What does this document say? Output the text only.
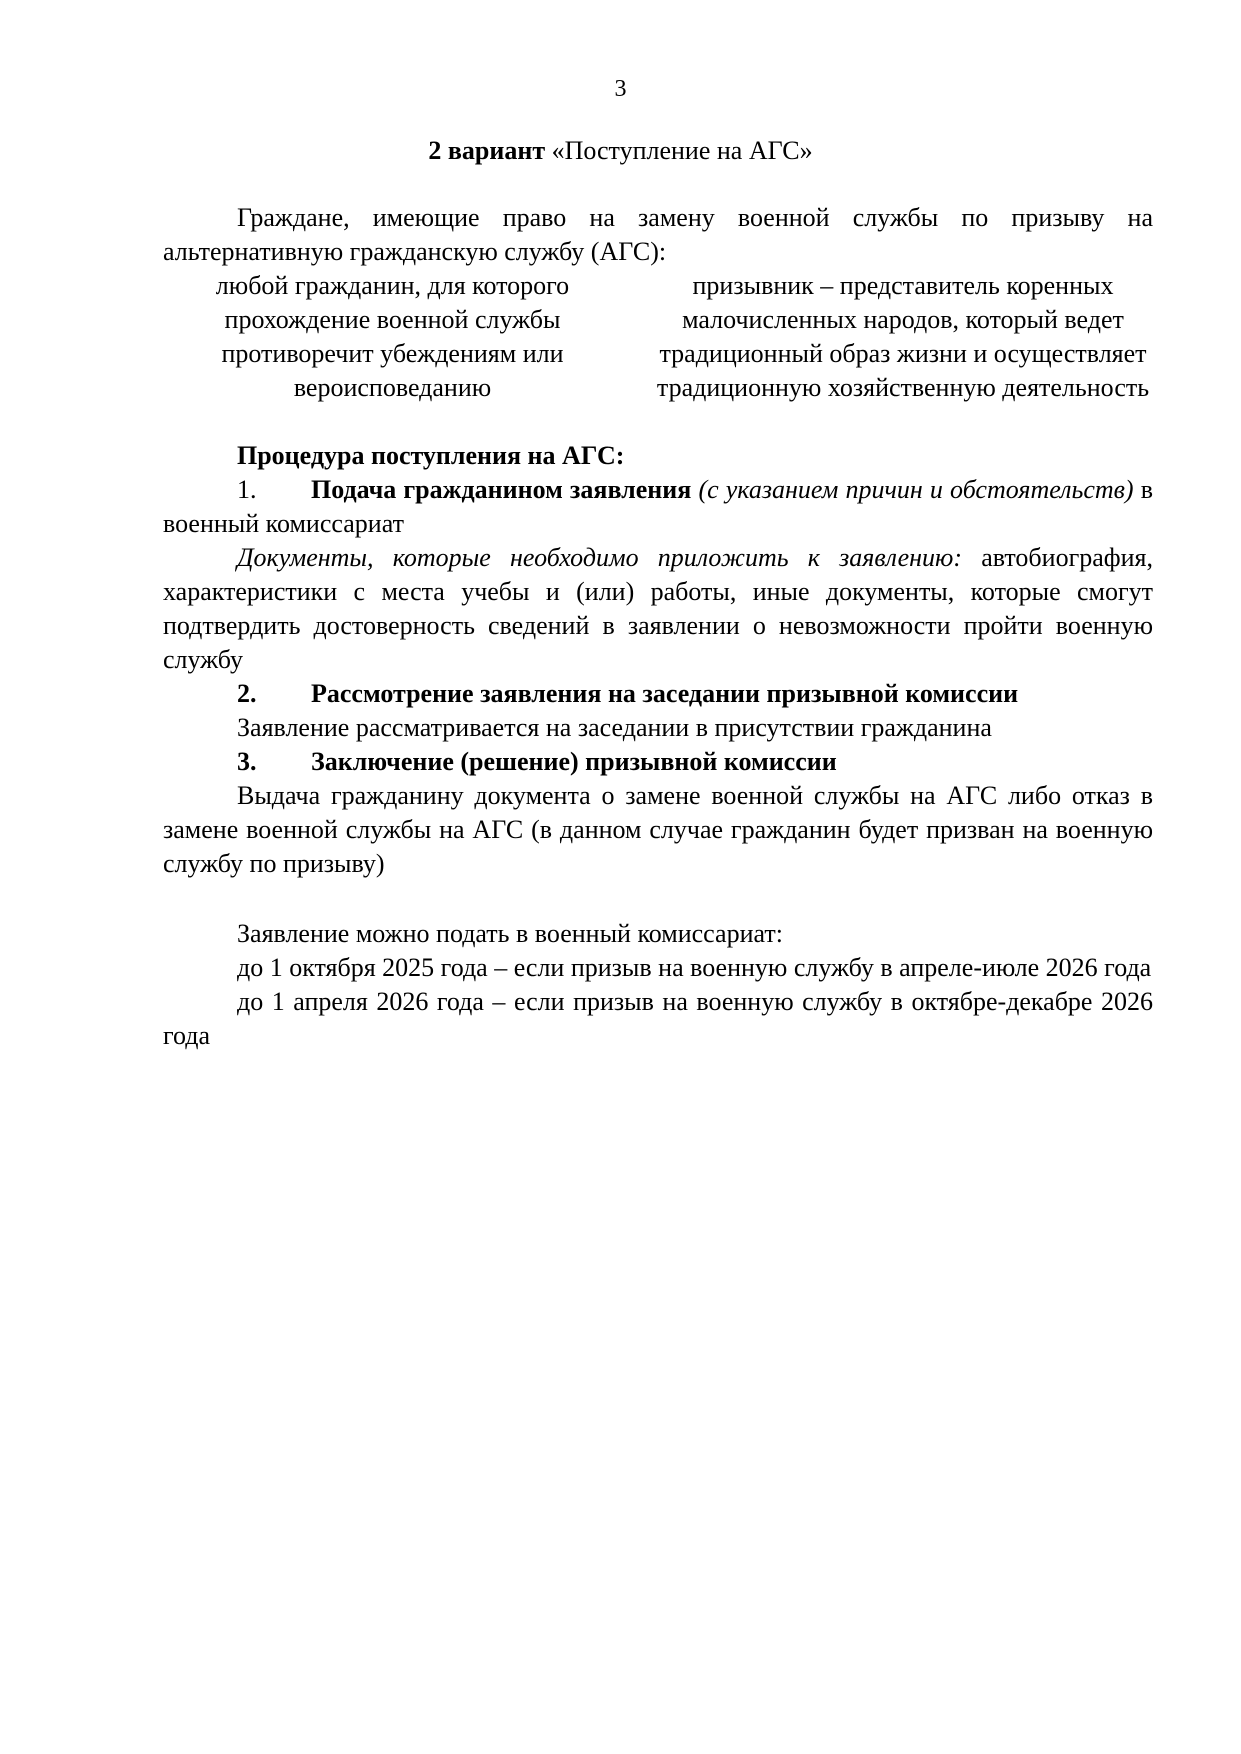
3
2 вариант «Поступление на АГС»

Граждане, имеющие право на замену военной службы по призыву на альтернативную гражданскую службу (АГС):

любой гражданин, для которого прохождение военной службы противоречит убеждениям или вероисповеданию
призывник – представитель коренных малочисленных народов, который ведет традиционный образ жизни и осуществляет традиционную хозяйственную деятельность

Процедура поступления на АГС:

1. Подача гражданином заявления (с указанием причин и обстоятельств) в военный комиссариат

Документы, которые необходимо приложить к заявлению: автобиография, характеристики с места учебы и (или) работы, иные документы, которые смогут подтвердить достоверность сведений в заявлении о невозможности пройти военную службу

2.	Рассмотрение заявления на заседании призывной комиссии

Заявление рассматривается на заседании в присутствии гражданина

3.	Заключение (решение) призывной комиссии

Выдача гражданину документа о замене военной службы на АГС либо отказ в замене военной службы на АГС (в данном случае гражданин будет призван на военную службу по призыву)

Заявление можно подать в военный комиссариат:

до 1 октября 2025 года – если призыв на военную службу в апреле-июле 2026 года

до 1 апреля 2026 года – если призыв на военную службу в октябре-декабре 2026 года
